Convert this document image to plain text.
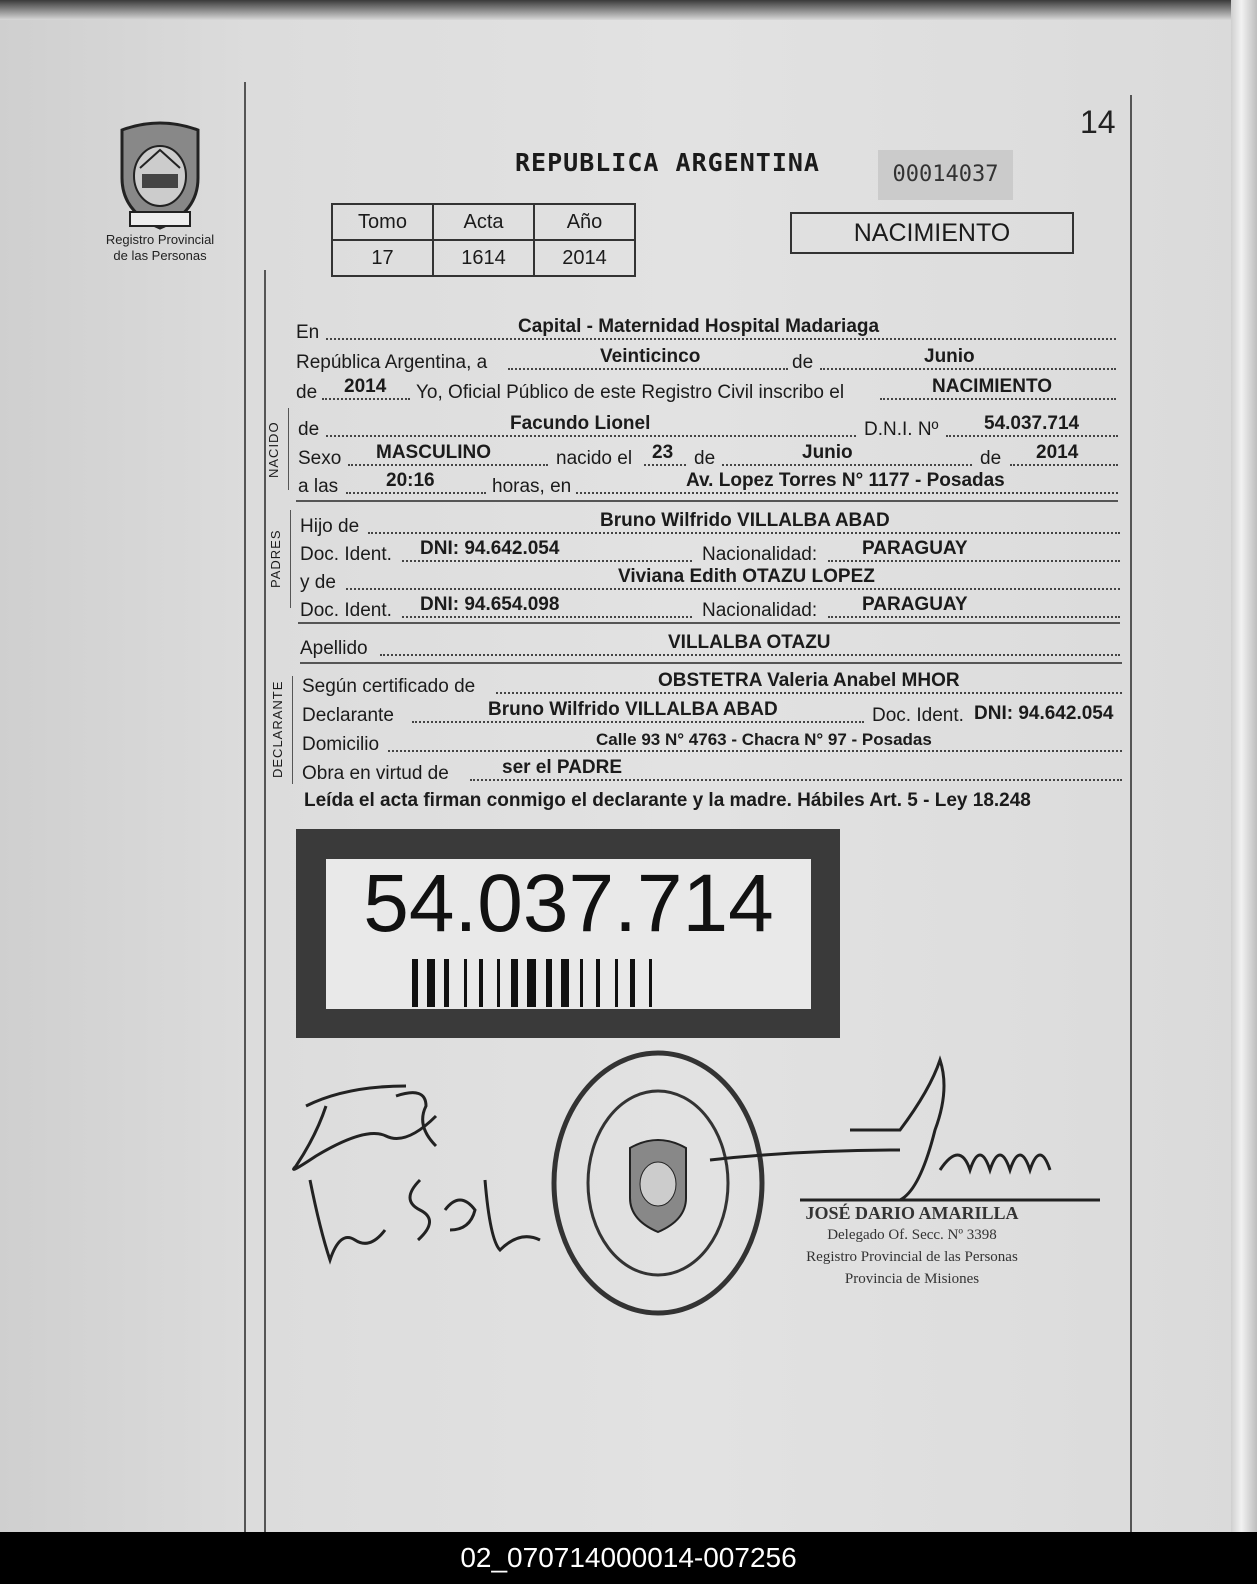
Registro Provincial de las Personas
14
REPUBLICA ARGENTINA	00014037
Tomo	Acta	Año
17	1614	2014
NACIMIENTO
En	Capital - Maternidad Hospital Madariaga
República Argentina, a	Veinticinco	de	Junio
de 2014 Yo, Oficial Público de este Registro Civil inscribo el	NACIMIENTO
NACIDO de	Facundo Lionel	D.N.I. Nº 54.037.714
Sexo MASCULINO	nacido el 23 de	Junio	de 2014
a las	20:16	horas, en	Av. Lopez Torres N° 1177 - Posadas
PADRES
Hijo de	Bruno Wilfrido VILLALBA ABAD
Doc. Ident. DNI: 94.642.054	Nacionalidad: PARAGUAY
y de	Viviana Edith OTAZU LOPEZ
Doc. Ident. DNI: 94.654.098	Nacionalidad: PARAGUAY
Apellido	VILLALBA OTAZU
DECLARANTE Según certificado de	OBSTETRA Valeria Anabel MHOR
Declarante	Bruno Wilfrido VILLALBA ABAD	Doc. Ident. DNI: 94.642.054
Domicilio	Calle 93 N° 4763 - Chacra N° 97 - Posadas
Obra en virtud de	ser el PADRE
Leída el acta firman conmigo el declarante y la madre. Hábiles Art. 5 - Ley 18.248
54.037.714
JOSÉ DARIO AMARILLA
Delegado Of. Secc. Nº 3398
Registro Provincial de las Personas
Provincia de Misiones
02_070714000014-007256
